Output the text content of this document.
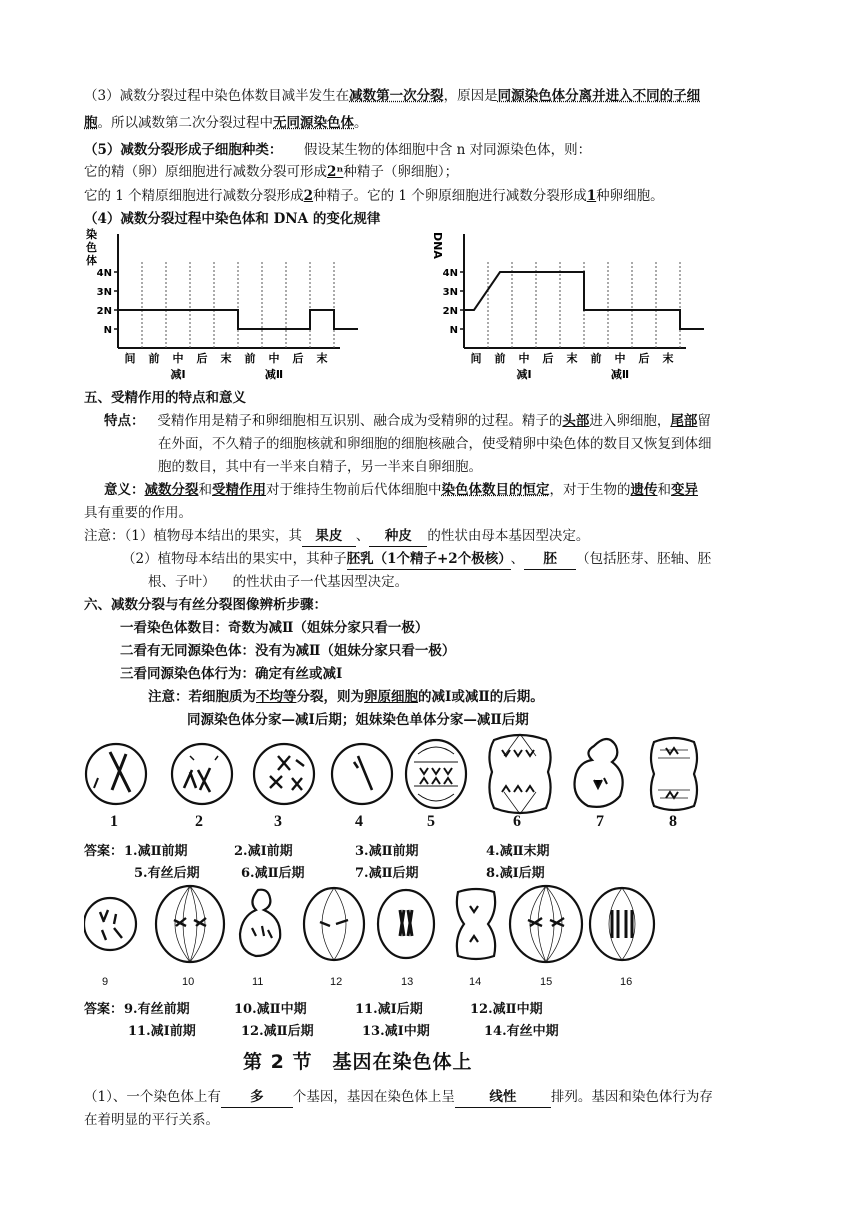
（3）减数分裂过程中染色体数目减半发生在减数第一次分裂，原因是同源染色体分离并进入不同的子细
胞。所以减数第二次分裂过程中无同源染色体。
（5）减数分裂形成子细胞种类： 假设某生物的体细胞中含 n 对同源染色体，则：
它的精（卵）原细胞进行减数分裂可形成2ⁿ种精子（卵细胞）；
它的 1 个精原细胞进行减数分裂形成2种精子。它的 1 个卵原细胞进行减数分裂形成1种卵细胞。
（4）减数分裂过程中染色体和 DNA 的变化规律
染
色
体
N
2N
3N
4N
间 前 中 后 末 前 中 后 末
减Ⅰ	减Ⅱ
DNA
N
2N
3N
4N
间 前 中 后 末 前 中 后 末
减Ⅰ	减Ⅱ
五、受精作用的特点和意义
特点： 受精作用是精子和卵细胞相互识别、融合成为受精卵的过程。精子的头部进入卵细胞，尾部留
在外面，不久精子的细胞核就和卵细胞的细胞核融合，使受精卵中染色体的数目又恢复到体细
胞的数目，其中有一半来自精子，另一半来自卵细胞。
意义：减数分裂和受精作用对于维持生物前后代体细胞中染色体数目的恒定，对于生物的遗传和变异
具有重要的作用。
注意：（1）植物母本结出的果实，其 果皮 、 种皮 的性状由母本基因型决定。
（2）植物母本结出的果实中，其种子胚乳（1个精子+2个极核）、 胚 （包括胚芽、胚轴、胚
根、子叶） 的性状由子一代基因型决定。
六、减数分裂与有丝分裂图像辨析步骤：
一看染色体数目：奇数为减Ⅱ（姐妹分家只看一极）
二看有无同源染色体：没有为减Ⅱ（姐妹分家只看一极）
三看同源染色体行为：确定有丝或减Ⅰ
注意：若细胞质为不均等分裂，则为卵原细胞的减Ⅰ或减Ⅱ的后期。
同源染色体分家—减Ⅰ后期；姐妹染色单体分家—减Ⅱ后期
1	2	3	4	5	6	7	8
答案： 1.减Ⅱ前期	2.减Ⅰ前期	3.减Ⅱ前期	4.减Ⅱ末期
5.有丝后期	6.减Ⅱ后期	7.减Ⅱ后期	8.减Ⅰ后期
9	10	11	12	13	14	15	16
答案： 9.有丝前期	10.减Ⅱ中期	11.减Ⅰ后期	12.减Ⅱ中期
11.减Ⅰ前期	12.减Ⅱ后期	13.减Ⅰ中期	14.有丝中期
第 2 节　基因在染色体上
（1）、一个染色体上有 多 个基因，基因在染色体上呈	线性	排列。基因和染色体行为存
在着明显的平行关系。
